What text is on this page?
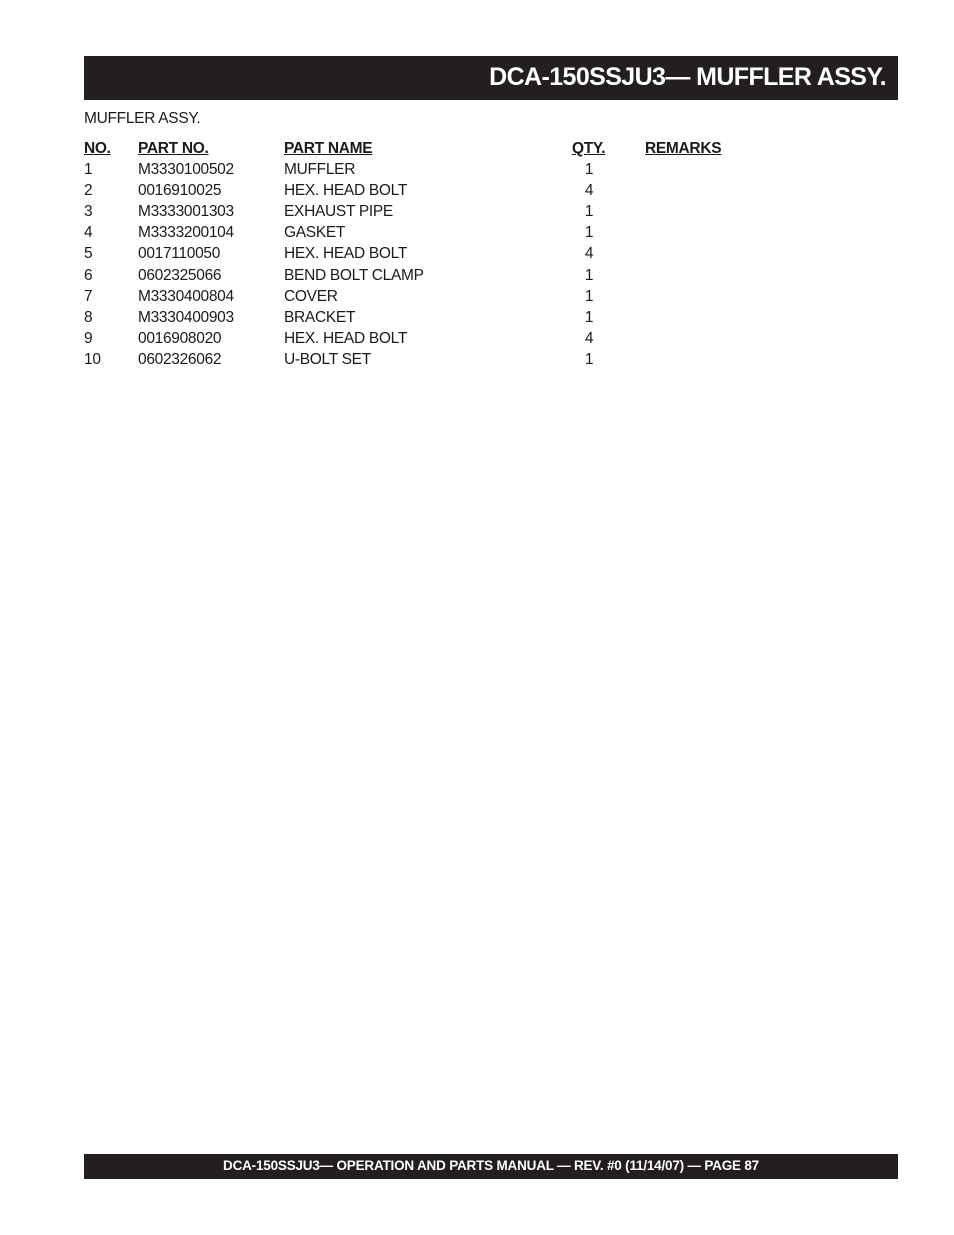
DCA-150SSJU3— MUFFLER ASSY.
MUFFLER ASSY.
NO. PART NO.	PART NAME	QTY.	REMARKS
1	M3330100502	MUFFLER	1
2	0016910025	HEX. HEAD BOLT	4
3	M3333001303	EXHAUST PIPE	1
4	M3333200104	GASKET	1
5	0017110050	HEX. HEAD BOLT	4
6	0602325066	BEND BOLT CLAMP	1
7	M3330400804	COVER	1
8	M3330400903	BRACKET	1
9	0016908020	HEX. HEAD BOLT	4
10 0602326062	U-BOLT SET	1
DCA-150SSJU3— OPERATION AND PARTS MANUAL — REV. #0 (11/14/07) — PAGE 87
